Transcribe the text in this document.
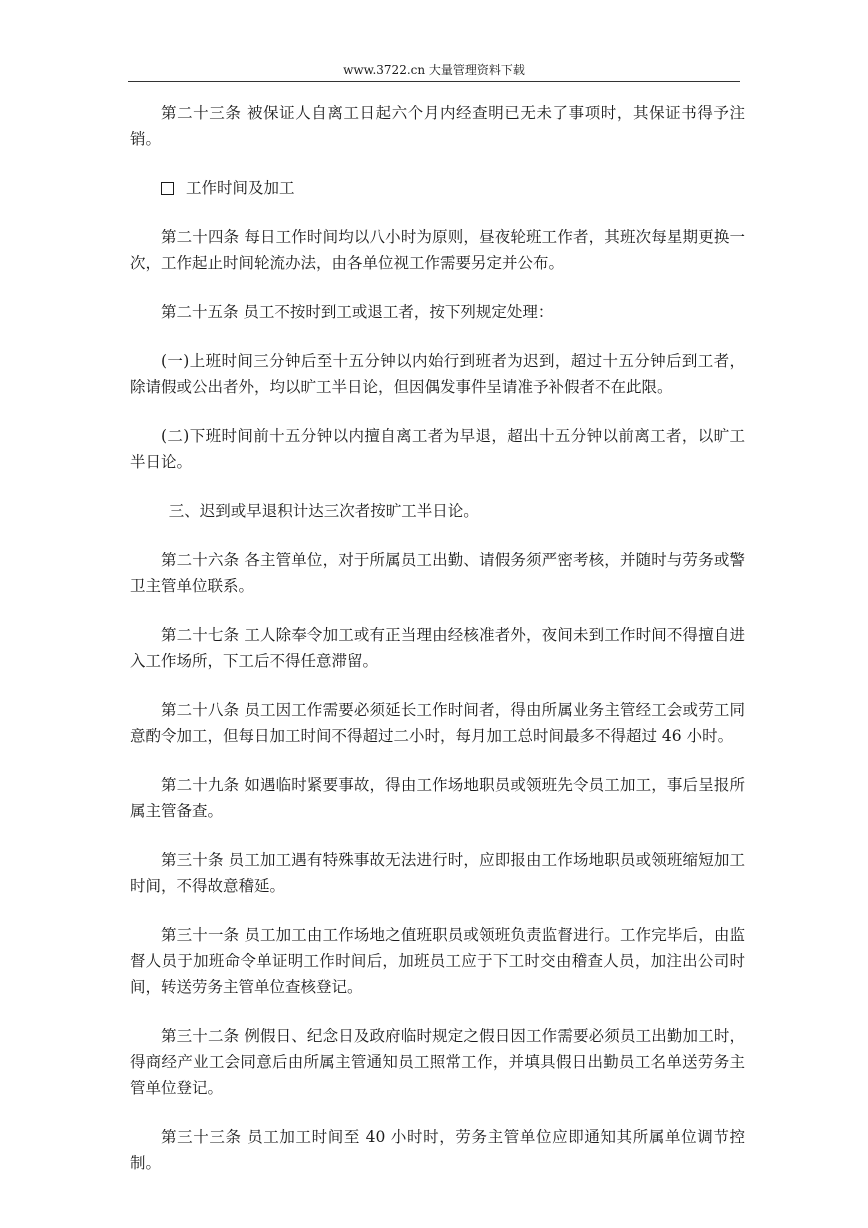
www.3722.cn 大量管理资料下载

第二十三条 被保证人自离工日起六个月内经查明已无未了事项时，其保证书得予注销。

工作时间及加工

第二十四条 每日工作时间均以八小时为原则，昼夜轮班工作者，其班次每星期更换一次，工作起止时间轮流办法，由各单位视工作需要另定并公布。

第二十五条 员工不按时到工或退工者，按下列规定处理：

(一)上班时间三分钟后至十五分钟以内始行到班者为迟到，超过十五分钟后到工者，除请假或公出者外，均以旷工半日论，但因偶发事件呈请准予补假者不在此限。

(二)下班时间前十五分钟以内擅自离工者为早退，超出十五分钟以前离工者，以旷工半日论。

三、迟到或早退积计达三次者按旷工半日论。

第二十六条 各主管单位，对于所属员工出勤、请假务须严密考核，并随时与劳务或警卫主管单位联系。

第二十七条 工人除奉令加工或有正当理由经核准者外，夜间未到工作时间不得擅自进入工作场所，下工后不得任意滞留。

第二十八条 员工因工作需要必须延长工作时间者，得由所属业务主管经工会或劳工同意酌令加工，但每日加工时间不得超过二小时，每月加工总时间最多不得超过 46 小时。

第二十九条 如遇临时紧要事故，得由工作场地职员或领班先令员工加工，事后呈报所属主管备查。

第三十条 员工加工遇有特殊事故无法进行时，应即报由工作场地职员或领班缩短加工时间，不得故意稽延。

第三十一条 员工加工由工作场地之值班职员或领班负责监督进行。工作完毕后，由监督人员于加班命令单证明工作时间后，加班员工应于下工时交由稽查人员，加注出公司时间，转送劳务主管单位查核登记。

第三十二条 例假日、纪念日及政府临时规定之假日因工作需要必须员工出勤加工时，得商经产业工会同意后由所属主管通知员工照常工作，并填具假日出勤员工名单送劳务主管单位登记。

第三十三条 员工加工时间至 40 小时时，劳务主管单位应即通知其所属单位调节控制。
